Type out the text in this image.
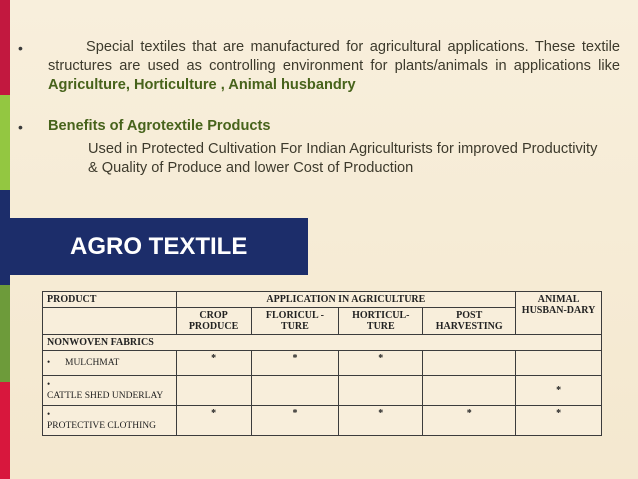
•	Special textiles that are manufactured for agricultural applications. These textile structures are used as controlling environment for plants/animals in applications like Agriculture, Horticulture , Animal husbandry
• Benefits of Agrotextile Products
Used in Protected Cultivation For Indian Agriculturists for improved Productivity & Quality of Produce and lower Cost of Production
AGRO TEXTILE
PRODUCT	APPLICATION IN AGRICULTURE				ANIMAL HUSBAN-DARY
	CROP PRODUCE	FLORICUL - TURE	HORTICUL- TURE	POST HARVESTING	
NONWOVEN FABRICS					
• MULCHMAT	*	*	*		
•CATTLE SHED UNDERLAY					*
•PROTECTIVE CLOTHING	*	*	*	*	*
